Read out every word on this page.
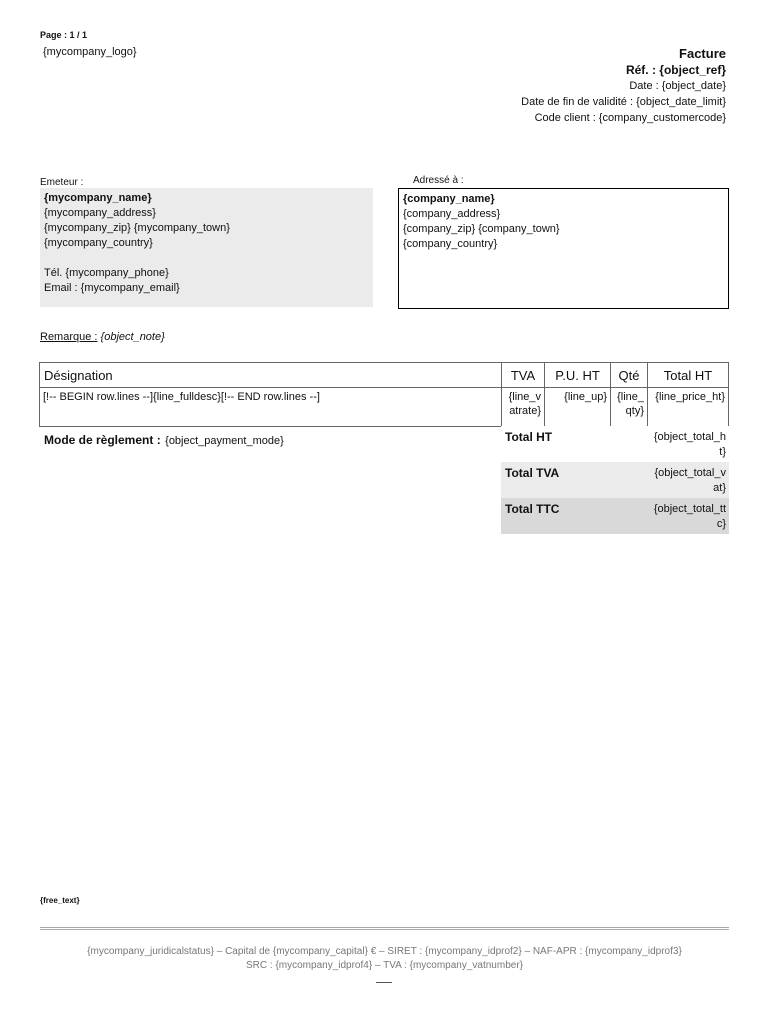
Page : 1 / 1
{mycompany_logo}	Facture
Réf. : {object_ref}
Date : {object_date}
Date de fin de validité : {object_date_limit}
Code client : {company_customercode}
Emeteur :	Adressé à :
{mycompany_name}
{mycompany_address}
{mycompany_zip} {mycompany_town}
{mycompany_country}
Tél. {mycompany_phone}
Email : {mycompany_email}
{company_name}
{company_address}
{company_zip} {company_town}
{company_country}
Remarque : {object_note}
Désignation	TVA	P.U. HT	Qté	Total HT
[!-- BEGIN row.lines --]{line_fulldesc}[!-- END row.lines --]	{line_vatrate}	{line_up}	{line_qty}	{line_price_ht}
Mode de règlement : {object_payment_mode}	Total HT	{object_total_ht}
Total TVA	{object_total_vat}
Total TTC	{object_total_ttc}
{free_text}
{mycompany_juridicalstatus} – Capital de {mycompany_capital} € – SIRET : {mycompany_idprof2} – NAF-APR : {mycompany_idprof3}
SRC : {mycompany_idprof4} – TVA : {mycompany_vatnumber}
